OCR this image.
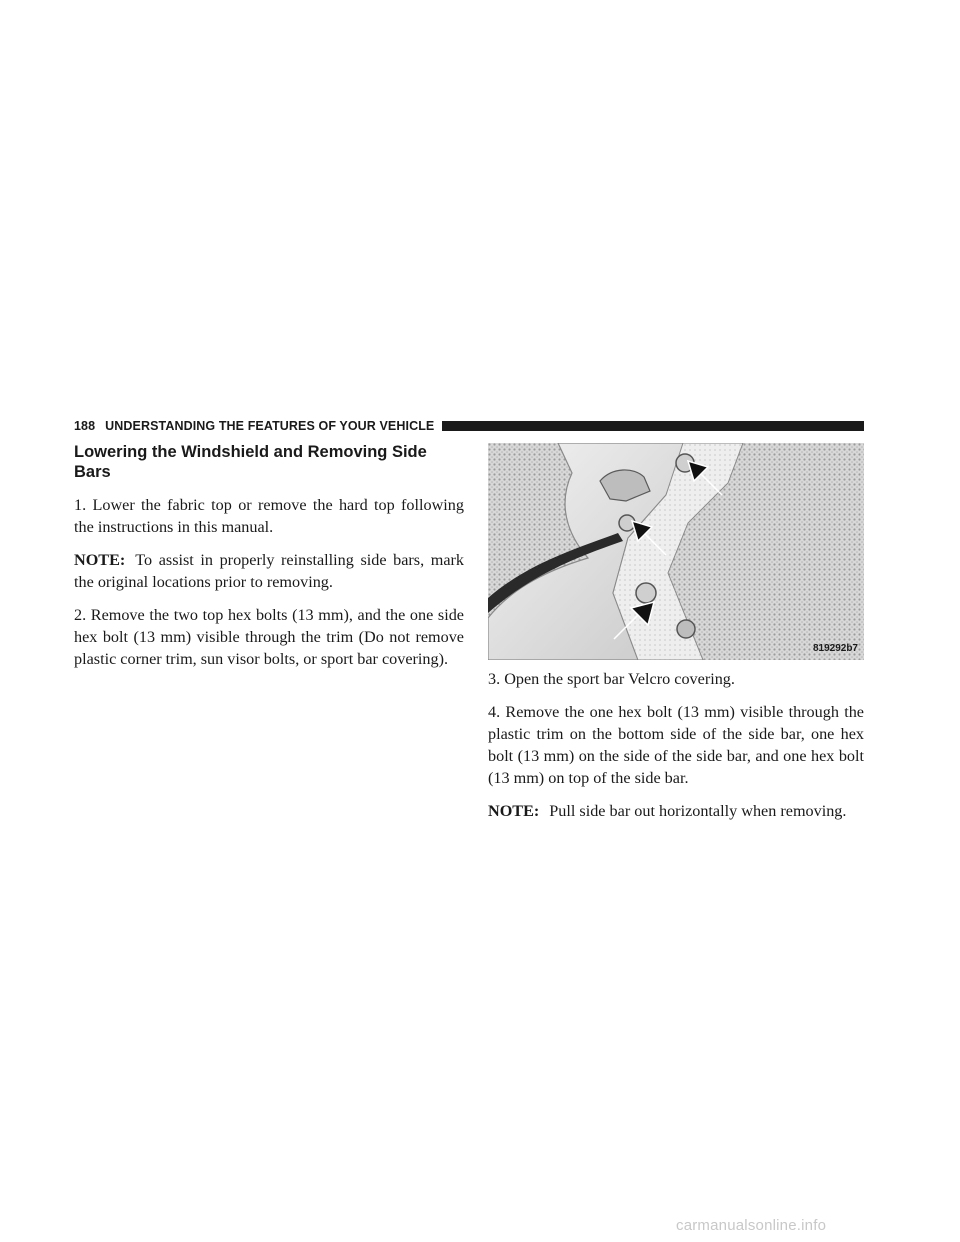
188 UNDERSTANDING THE FEATURES OF YOUR VEHICLE
Lowering the Windshield and Removing Side Bars

1. Lower the fabric top or remove the hard top following the instructions in this manual.

NOTE: To assist in properly reinstalling side bars, mark the original locations prior to removing.

2. Remove the two top hex bolts (13 mm), and the one side hex bolt (13 mm) visible through the trim (Do not remove plastic corner trim, sun visor bolts, or sport bar covering).

819292b7

3. Open the sport bar Velcro covering.

4. Remove the one hex bolt (13 mm) visible through the plastic trim on the bottom side of the side bar, one hex bolt (13 mm) on the side of the side bar, and one hex bolt (13 mm) on top of the side bar.

NOTE: Pull side bar out horizontally when removing.

carmanualsonline.info
